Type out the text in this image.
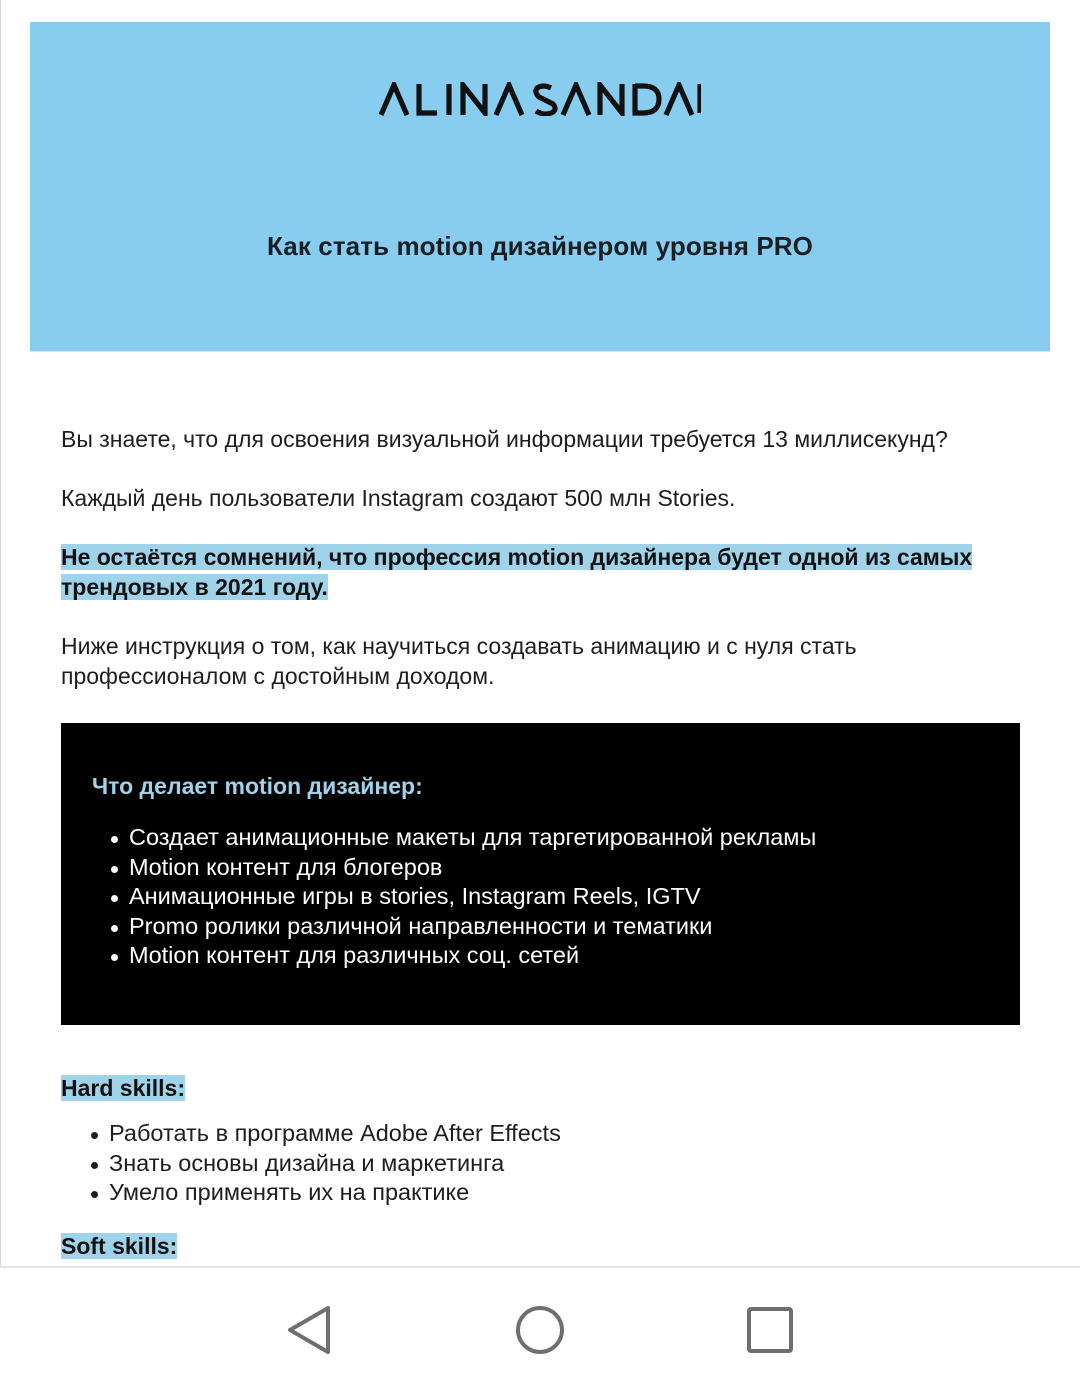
Как стать motion дизайнером уровня PRO

Вы знаете, что для освоения визуальной информации требуется 13 миллисекунд?

Каждый день пользователи Instagram создают 500 млн Stories.

Не остаётся сомнений, что профессия motion дизайнера будет одной из самых
трендовых в 2021 году.

Ниже инструкция о том, как научиться создавать анимацию и с нуля стать профессионалом с достойным доходом.

Что делает motion дизайнер:
Создает анимационные макеты для таргетированной рекламы
Motion контент для блогеров
Анимационные игры в stories, Instagram Reels, IGTV
Promo ролики различной направленности и тематики
Motion контент для различных соц. сетей
Hard skills:
Работать в программе Adobe After Effects
Знать основы дизайна и маркетинга
Умело применять их на практике
Soft skills:
